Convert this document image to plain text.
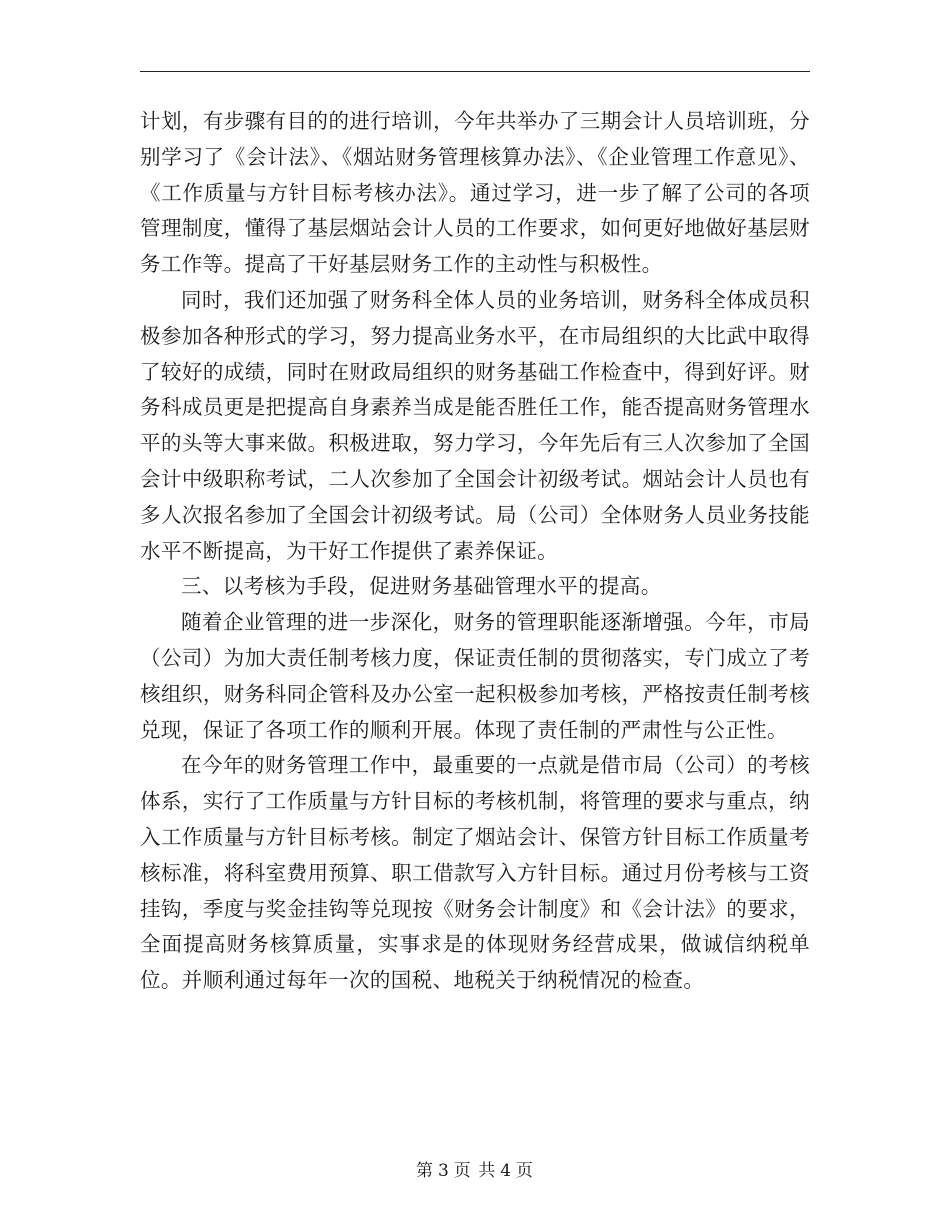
计划，有步骤有目的的进行培训，今年共举办了三期会计人员培训班，分别学习了《会计法》、《烟站财务管理核算办法》、《企业管理工作意见》、《工作质量与方针目标考核办法》。通过学习，进一步了解了公司的各项管理制度，懂得了基层烟站会计人员的工作要求，如何更好地做好基层财务工作等。提高了干好基层财务工作的主动性与积极性。

同时，我们还加强了财务科全体人员的业务培训，财务科全体成员积极参加各种形式的学习，努力提高业务水平，在市局组织的大比武中取得了较好的成绩，同时在财政局组织的财务基础工作检查中，得到好评。财务科成员更是把提高自身素养当成是能否胜任工作，能否提高财务管理水平的头等大事来做。积极进取，努力学习，今年先后有三人次参加了全国会计中级职称考试，二人次参加了全国会计初级考试。烟站会计人员也有多人次报名参加了全国会计初级考试。局（公司）全体财务人员业务技能水平不断提高，为干好工作提供了素养保证。

三、以考核为手段，促进财务基础管理水平的提高。

随着企业管理的进一步深化，财务的管理职能逐渐增强。今年，市局（公司）为加大责任制考核力度，保证责任制的贯彻落实，专门成立了考核组织，财务科同企管科及办公室一起积极参加考核，严格按责任制考核兑现，保证了各项工作的顺利开展。体现了责任制的严肃性与公正性。

在今年的财务管理工作中，最重要的一点就是借市局（公司）的考核体系，实行了工作质量与方针目标的考核机制，将管理的要求与重点，纳入工作质量与方针目标考核。制定了烟站会计、保管方针目标工作质量考核标准，将科室费用预算、职工借款写入方针目标。通过月份考核与工资挂钩，季度与奖金挂钩等兑现按《财务会计制度》和《会计法》的要求，全面提高财务核算质量，实事求是的体现财务经营成果，做诚信纳税单位。并顺利通过每年一次的国税、地税关于纳税情况的检查。

第 3 页 共 4 页
